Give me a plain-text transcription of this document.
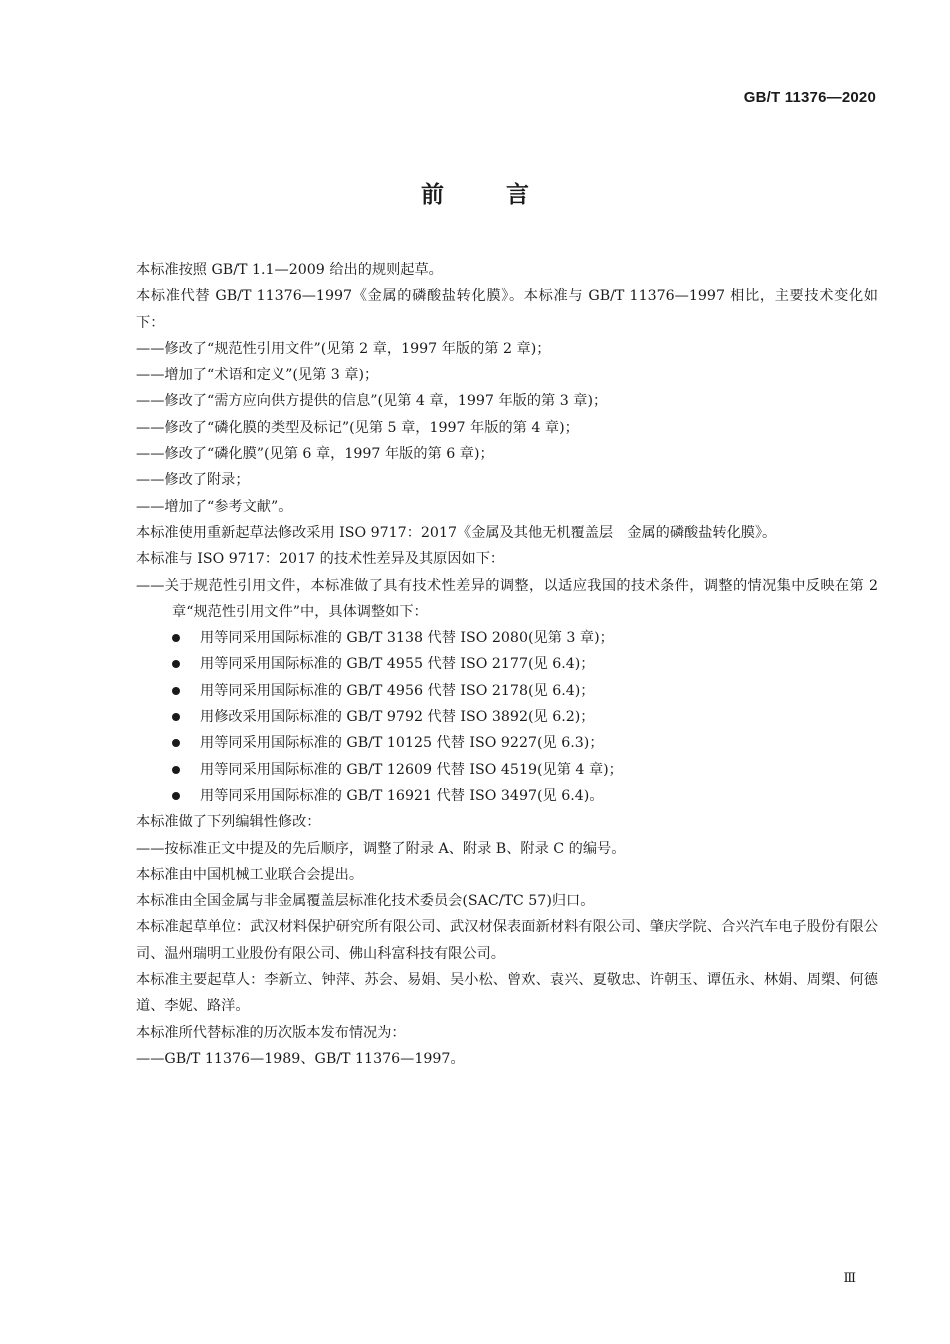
GB/T 11376—2020
前言

本标准按照 GB/T 1.1—2009 给出的规则起草。

本标准代替 GB/T 11376—1997《金属的磷酸盐转化膜》。本标准与 GB/T 11376—1997 相比，主要技术变化如下：

——修改了“规范性引用文件”(见第 2 章，1997 年版的第 2 章)；

——增加了“术语和定义”(见第 3 章)；

——修改了“需方应向供方提供的信息”(见第 4 章，1997 年版的第 3 章)；

——修改了“磷化膜的类型及标记”(见第 5 章，1997 年版的第 4 章)；

——修改了“磷化膜”(见第 6 章，1997 年版的第 6 章)；

——修改了附录；

——增加了“参考文献”。

本标准使用重新起草法修改采用 ISO 9717：2017《金属及其他无机覆盖层　金属的磷酸盐转化膜》。

本标准与 ISO 9717：2017 的技术性差异及其原因如下：

——关于规范性引用文件，本标准做了具有技术性差异的调整，以适应我国的技术条件，调整的情况集中反映在第 2 章“规范性引用文件”中，具体调整如下：

用等同采用国际标准的 GB/T 3138 代替 ISO 2080(见第 3 章)；
用等同采用国际标准的 GB/T 4955 代替 ISO 2177(见 6.4)；
用等同采用国际标准的 GB/T 4956 代替 ISO 2178(见 6.4)；
用修改采用国际标准的 GB/T 9792 代替 ISO 3892(见 6.2)；
用等同采用国际标准的 GB/T 10125 代替 ISO 9227(见 6.3)；
用等同采用国际标准的 GB/T 12609 代替 ISO 4519(见第 4 章)；
用等同采用国际标准的 GB/T 16921 代替 ISO 3497(见 6.4)。

本标准做了下列编辑性修改：

——按标准正文中提及的先后顺序，调整了附录 A、附录 B、附录 C 的编号。

本标准由中国机械工业联合会提出。

本标准由全国金属与非金属覆盖层标准化技术委员会(SAC/TC 57)归口。

本标准起草单位：武汉材料保护研究所有限公司、武汉材保表面新材料有限公司、肇庆学院、合兴汽车电子股份有限公司、温州瑞明工业股份有限公司、佛山科富科技有限公司。

本标准主要起草人：李新立、钟萍、苏会、易娟、吴小松、曾欢、袁兴、夏敬忠、许朝玉、谭伍永、林娟、周槊、何德道、李妮、路洋。

本标准所代替标准的历次版本发布情况为：

——GB/T 11376—1989、GB/T 11376—1997。

Ⅲ
